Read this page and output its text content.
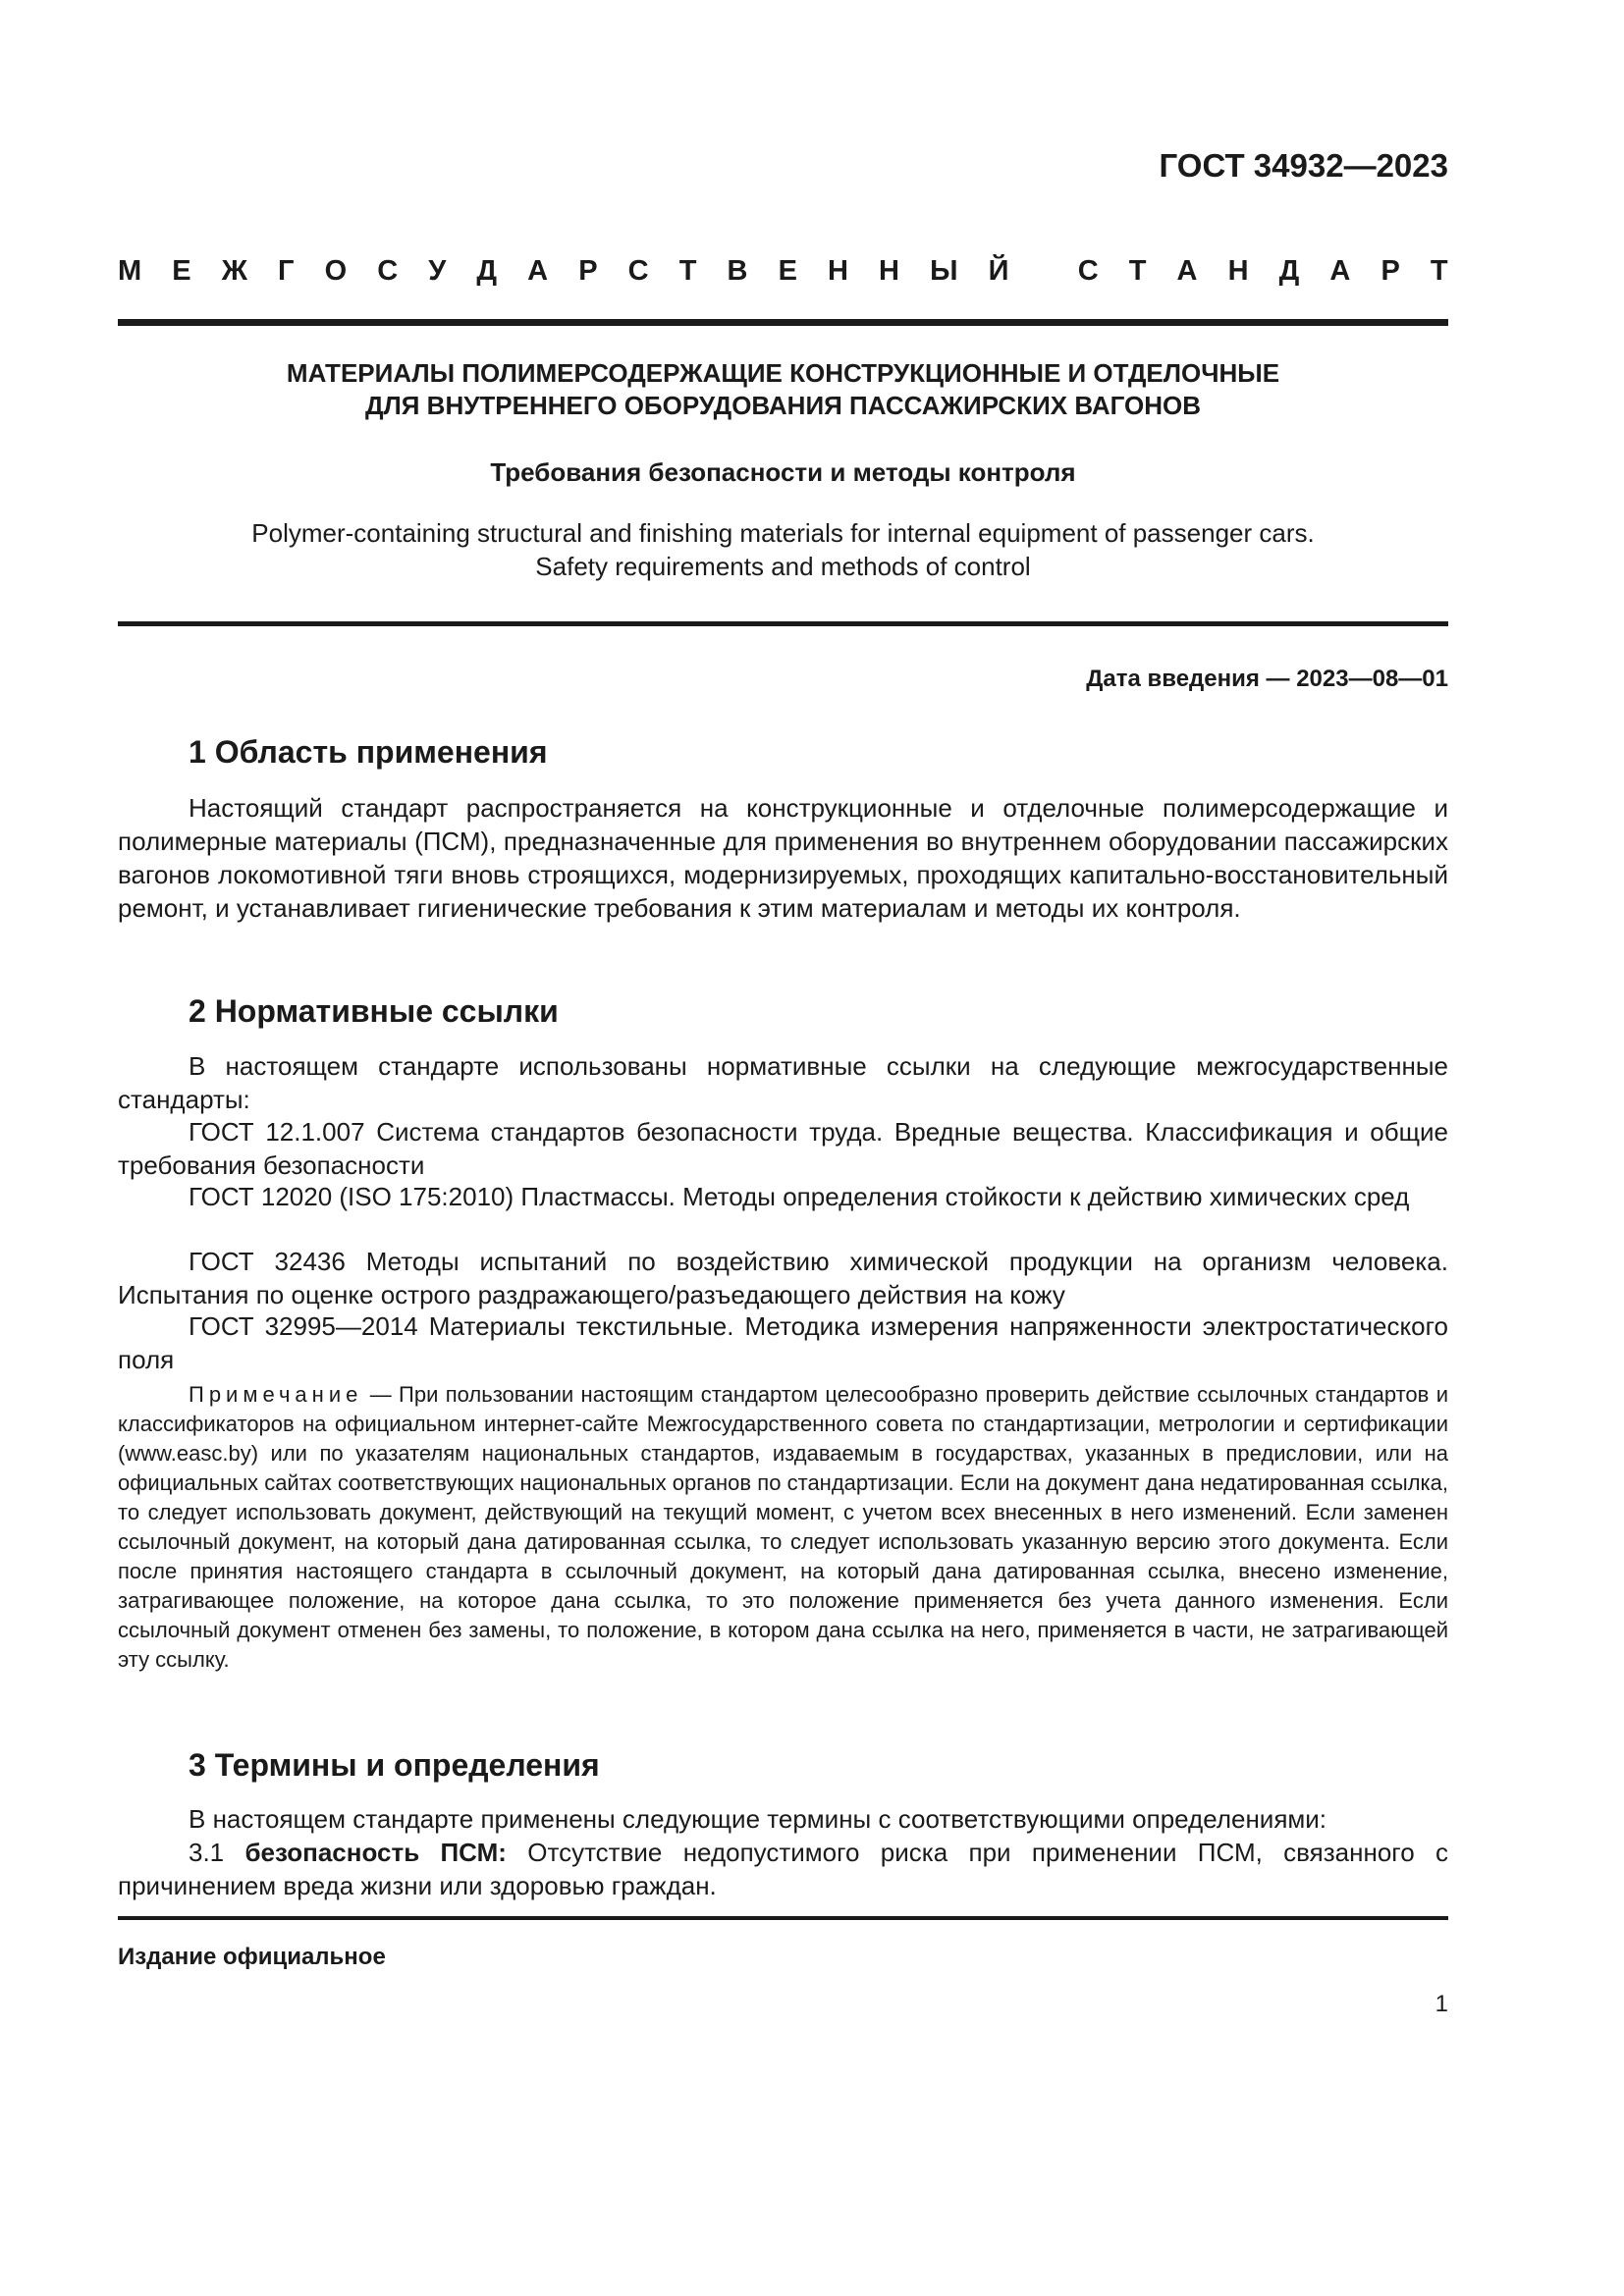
ГОСТ 34932—2023
М Е Ж Г О С У Д А Р С Т В Е Н Н Ы Й
С Т А Н Д А Р Т
МАТЕРИАЛЫ ПОЛИМЕРСОДЕРЖАЩИЕ КОНСТРУКЦИОННЫЕ И ОТДЕЛОЧНЫЕ
ДЛЯ ВНУТРЕННЕГО ОБОРУДОВАНИЯ ПАССАЖИРСКИХ ВАГОНОВ
Требования безопасности и методы контроля
Polymer-containing structural and finishing materials for internal equipment of passenger cars.
Safety requirements and methods of control
Дата введения — 2023—08—01
1 Область применения
Настоящий стандарт распространяется на конструкционные и отделочные полимерсодержащие и полимерные материалы (ПСМ), предназначенные для применения во внутреннем оборудовании пассажирских вагонов локомотивной тяги вновь строящихся, модернизируемых, проходящих капитально-восстановительный ремонт, и устанавливает гигиенические требования к этим материалам и методы их контроля.
2 Нормативные ссылки
В настоящем стандарте использованы нормативные ссылки на следующие межгосударственные стандарты:
ГОСТ 12.1.007 Система стандартов безопасности труда. Вредные вещества. Классификация и общие требования безопасности
ГОСТ 12020 (ISO 175:2010) Пластмассы. Методы определения стойкости к действию химических сред
ГОСТ 32436 Методы испытаний по воздействию химической продукции на организм человека. Испытания по оценке острого раздражающего/разъедающего действия на кожу
ГОСТ 32995—2014 Материалы текстильные. Методика измерения напряженности электростатического поля
Примечание — При пользовании настоящим стандартом целесообразно проверить действие ссылочных стандартов и классификаторов на официальном интернет-сайте Межгосударственного совета по стандартизации, метрологии и сертификации (www.easc.by) или по указателям национальных стандартов, издаваемым в государствах, указанных в предисловии, или на официальных сайтах соответствующих национальных органов по стандартизации. Если на документ дана недатированная ссылка, то следует использовать документ, действующий на текущий момент, с учетом всех внесенных в него изменений. Если заменен ссылочный документ, на который дана датированная ссылка, то следует использовать указанную версию этого документа. Если после принятия настоящего стандарта в ссылочный документ, на который дана датированная ссылка, внесено изменение, затрагивающее положение, на которое дана ссылка, то это положение применяется без учета данного изменения. Если ссылочный документ отменен без замены, то положение, в котором дана ссылка на него, применяется в части, не затрагивающей эту ссылку.
3 Термины и определения
В настоящем стандарте применены следующие термины с соответствующими определениями:
3.1 безопасность ПСМ: Отсутствие недопустимого риска при применении ПСМ, связанного с причинением вреда жизни или здоровью граждан.
Издание официальное
1
